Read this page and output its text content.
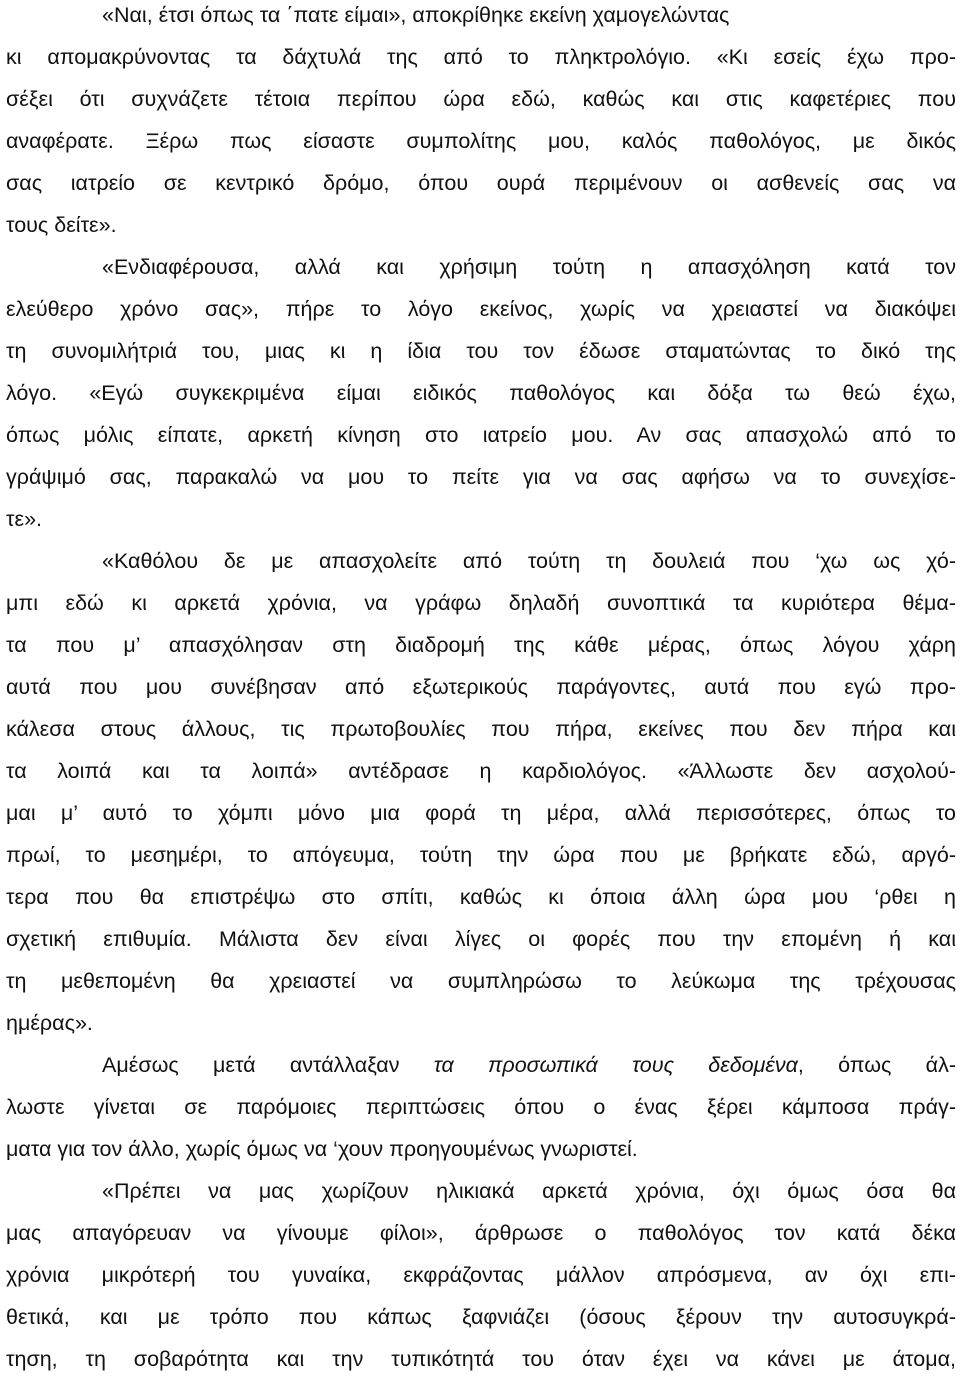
«Ναι, έτσι όπως τα ΄πατε είμαι», αποκρίθηκε εκείνη χαμογελώντας
κι απομακρύνοντας τα δάχτυλά της από το πληκτρολόγιο. «Κι εσείς έχω προ-
σέξει ότι συχνάζετε τέτοια περίπου ώρα εδώ, καθώς και στις καφετέριες που
αναφέρατε. Ξέρω πως είσαστε συμπολίτης μου, καλός παθολόγος, με δικός
σας ιατρείο σε κεντρικό δρόμο, όπου ουρά περιμένουν οι ασθενείς σας να
τους δείτε».
«Ενδιαφέρουσα, αλλά και χρήσιμη τούτη η απασχόληση κατά τον
ελεύθερο χρόνο σας», πήρε το λόγο εκείνος, χωρίς να χρειαστεί να διακόψει
τη συνομιλήτριά του, μιας κι η ίδια του τον έδωσε σταματώντας το δικό της
λόγο. «Εγώ συγκεκριμένα είμαι ειδικός παθολόγος και δόξα τω θεώ έχω,
όπως μόλις είπατε, αρκετή κίνηση στο ιατρείο μου. Αν σας απασχολώ από το
γράψιμό σας, παρακαλώ να μου το πείτε για να σας αφήσω να το συνεχίσε-
τε».
«Καθόλου δε με απασχολείτε από τούτη τη δουλειά που ‘χω ως χό-
μπι εδώ κι αρκετά χρόνια, να γράφω δηλαδή συνοπτικά τα κυριότερα θέμα-
τα που μ’ απασχόλησαν στη διαδρομή της κάθε μέρας, όπως λόγου χάρη
αυτά που μου συνέβησαν από εξωτερικούς παράγοντες, αυτά που εγώ προ-
κάλεσα στους άλλους, τις πρωτοβουλίες που πήρα, εκείνες που δεν πήρα και
τα λοιπά και τα λοιπά» αντέδρασε η καρδιολόγος. «Άλλωστε δεν ασχολού-
μαι μ’ αυτό το χόμπι μόνο μια φορά τη μέρα, αλλά περισσότερες, όπως το
πρωί, το μεσημέρι, το απόγευμα, τούτη την ώρα που με βρήκατε εδώ, αργό-
τερα που θα επιστρέψω στο σπίτι, καθώς κι όποια άλλη ώρα μου ‘ρθει η
σχετική επιθυμία. Μάλιστα δεν είναι λίγες οι φορές που την επομένη ή και
τη μεθεπομένη θα χρειαστεί να συμπληρώσω το λεύκωμα της τρέχουσας
ημέρας».
Αμέσως μετά αντάλλαξαν τα προσωπικά τους δεδομένα, όπως άλ-
λωστε γίνεται σε παρόμοιες περιπτώσεις όπου ο ένας ξέρει κάμποσα πράγ-
ματα για τον άλλο, χωρίς όμως να ‘χουν προηγουμένως γνωριστεί.
«Πρέπει να μας χωρίζουν ηλικιακά αρκετά χρόνια, όχι όμως όσα θα
μας απαγόρευαν να γίνουμε φίλοι», άρθρωσε ο παθολόγος τον κατά δέκα
χρόνια μικρότερή του γυναίκα, εκφράζοντας μάλλον απρόσμενα, αν όχι επι-
θετικά, και με τρόπο που κάπως ξαφνιάζει (όσους ξέρουν την αυτοσυγκρά-
τηση, τη σοβαρότητα και την τυπικότητά του όταν έχει να κάνει με άτομα,
